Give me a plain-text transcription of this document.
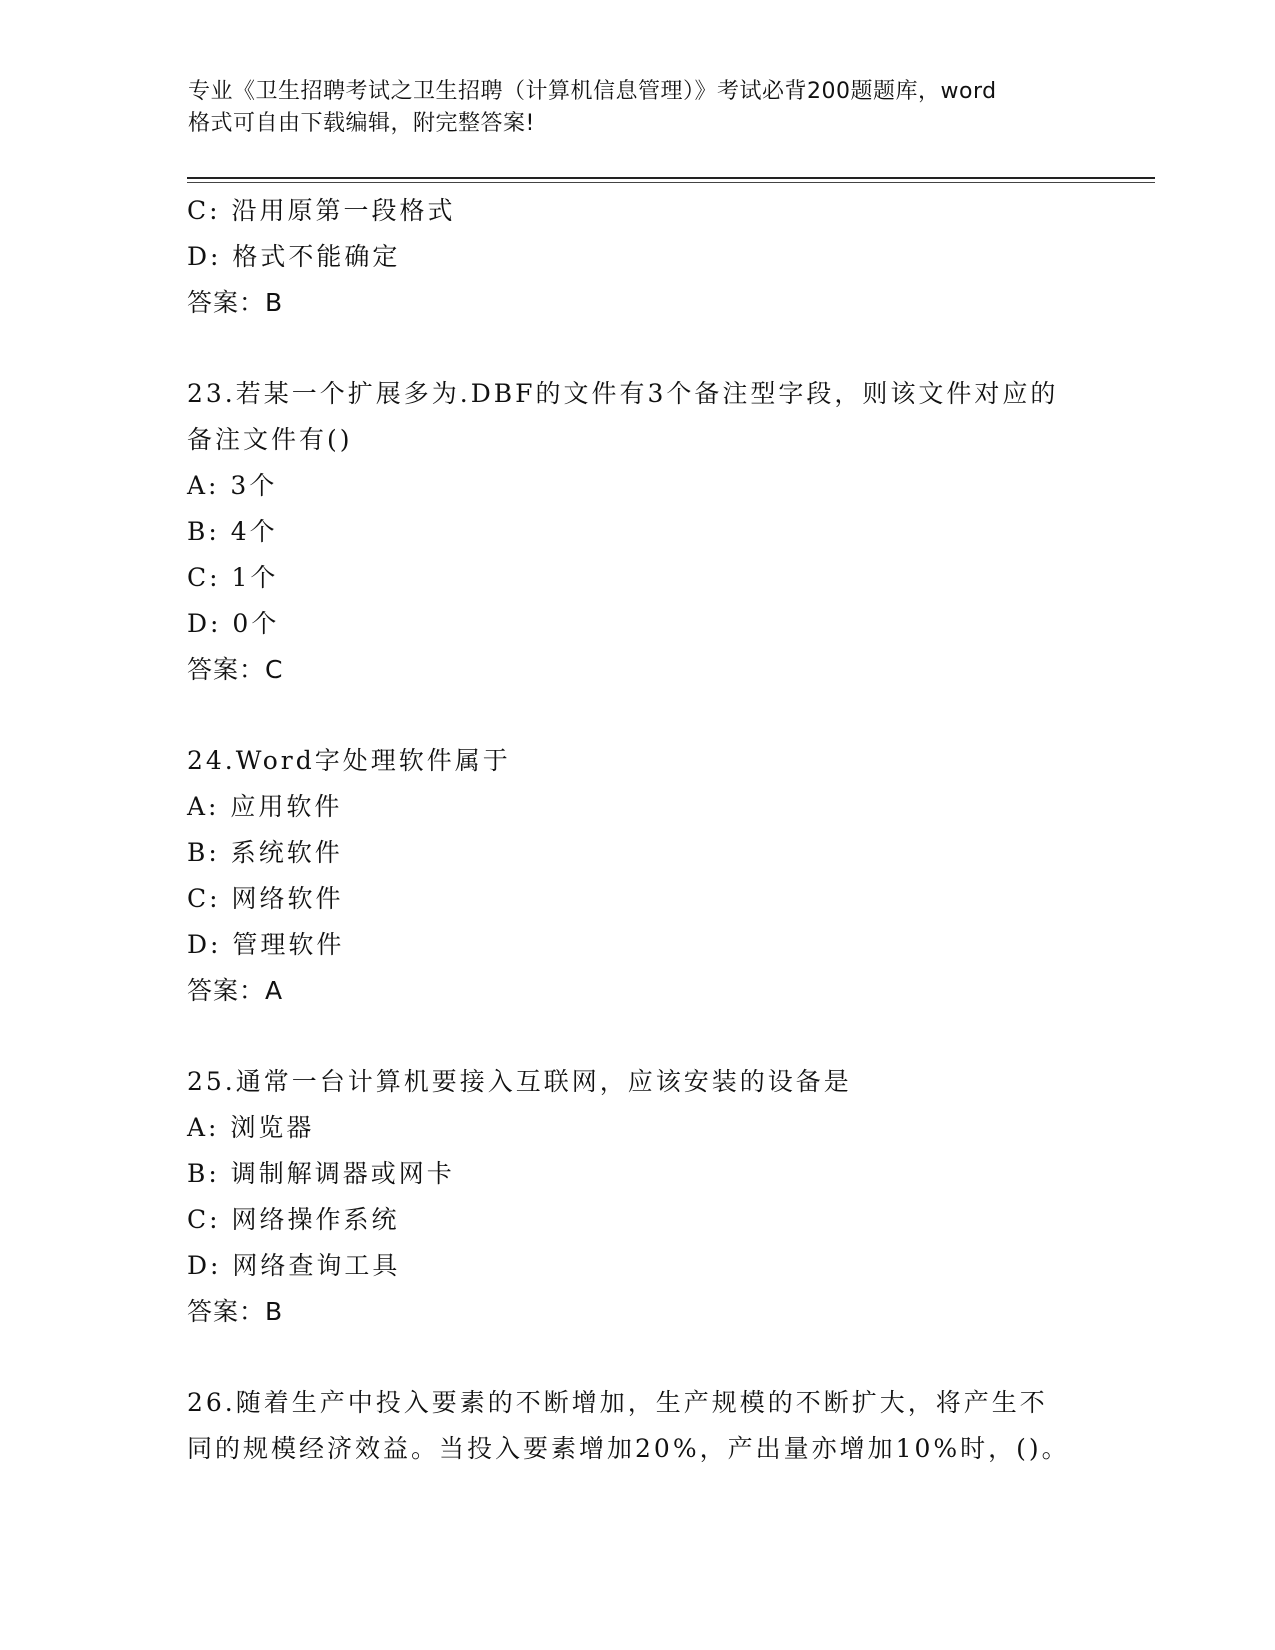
专业《卫生招聘考试之卫生招聘（计算机信息管理）》考试必背200题题库，word
格式可自由下载编辑，附完整答案!
C: 沿用原第一段格式
D: 格式不能确定
答案：B
23.若某一个扩展多为.DBF的文件有3个备注型字段，则该文件对应的
备注文件有()
A: 3个
B: 4个
C: 1个
D: 0个
答案：C
24.Word字处理软件属于
A: 应用软件
B: 系统软件
C: 网络软件
D: 管理软件
答案：A
25.通常一台计算机要接入互联网，应该安装的设备是
A: 浏览器
B: 调制解调器或网卡
C: 网络操作系统
D: 网络查询工具
答案：B
26.随着生产中投入要素的不断增加，生产规模的不断扩大，将产生不
同的规模经济效益。当投入要素增加20%，产出量亦增加10%时，()。
